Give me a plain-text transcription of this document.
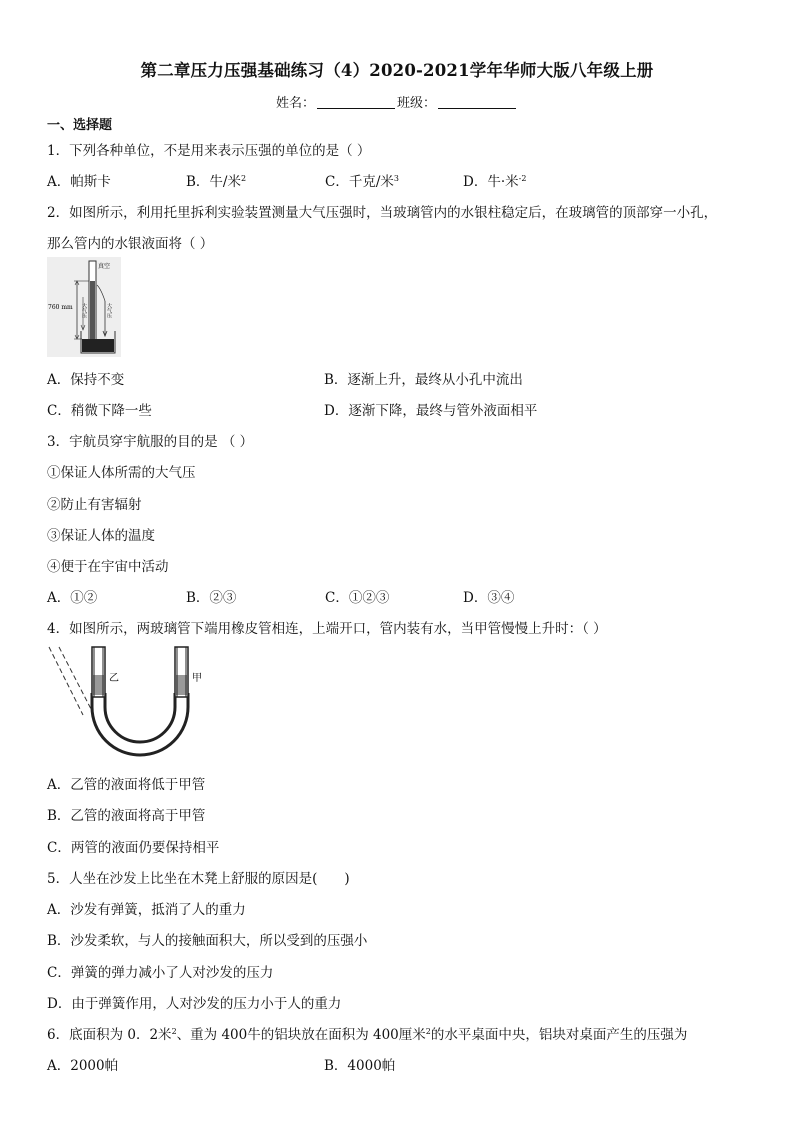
第二章压力压强基础练习（4）2020-2021学年华师大版八年级上册
姓名：	班级：
一、选择题
1．下列各种单位，不是用来表示压强的单位的是（ ）
A．帕斯卡	B．牛/米$^2$	C．千克/米$^3$	D．牛·米$^{-2}$
2．如图所示，利用托里拆利实验装置测量大气压强时，当玻璃管内的水银柱稳定后，在玻璃管的顶部穿一小孔，
那么管内的水银液面将（ ）
真空
760 mm 大气压	大气压
A．保持不变	B．逐渐上升，最终从小孔中流出
C．稍微下降一些	D．逐渐下降，最终与管外液面相平
3．宇航员穿宇航服的目的是 （ ）
①保证人体所需的大气压
②防止有害辐射
③保证人体的温度
④便于在宇宙中活动
A．①②	B．②③	C．①②③	D．③④
4．如图所示，两玻璃管下端用橡皮管相连，上端开口，管内装有水，当甲管慢慢上升时：（ ）
乙	甲
A．乙管的液面将低于甲管
B．乙管的液面将高于甲管
C．两管的液面仍要保持相平
5．人坐在沙发上比坐在木凳上舒服的原因是(　　)
A．沙发有弹簧，抵消了人的重力
B．沙发柔软，与人的接触面积大，所以受到的压强小
C．弹簧的弹力减小了人对沙发的压力
D．由于弹簧作用，人对沙发的压力小于人的重力
6．底面积为 0．2米$^2$、重为 400牛的铝块放在面积为 400厘米$^2$的水平桌面中央，铝块对桌面产生的压强为
A．2000帕	B．4000帕
